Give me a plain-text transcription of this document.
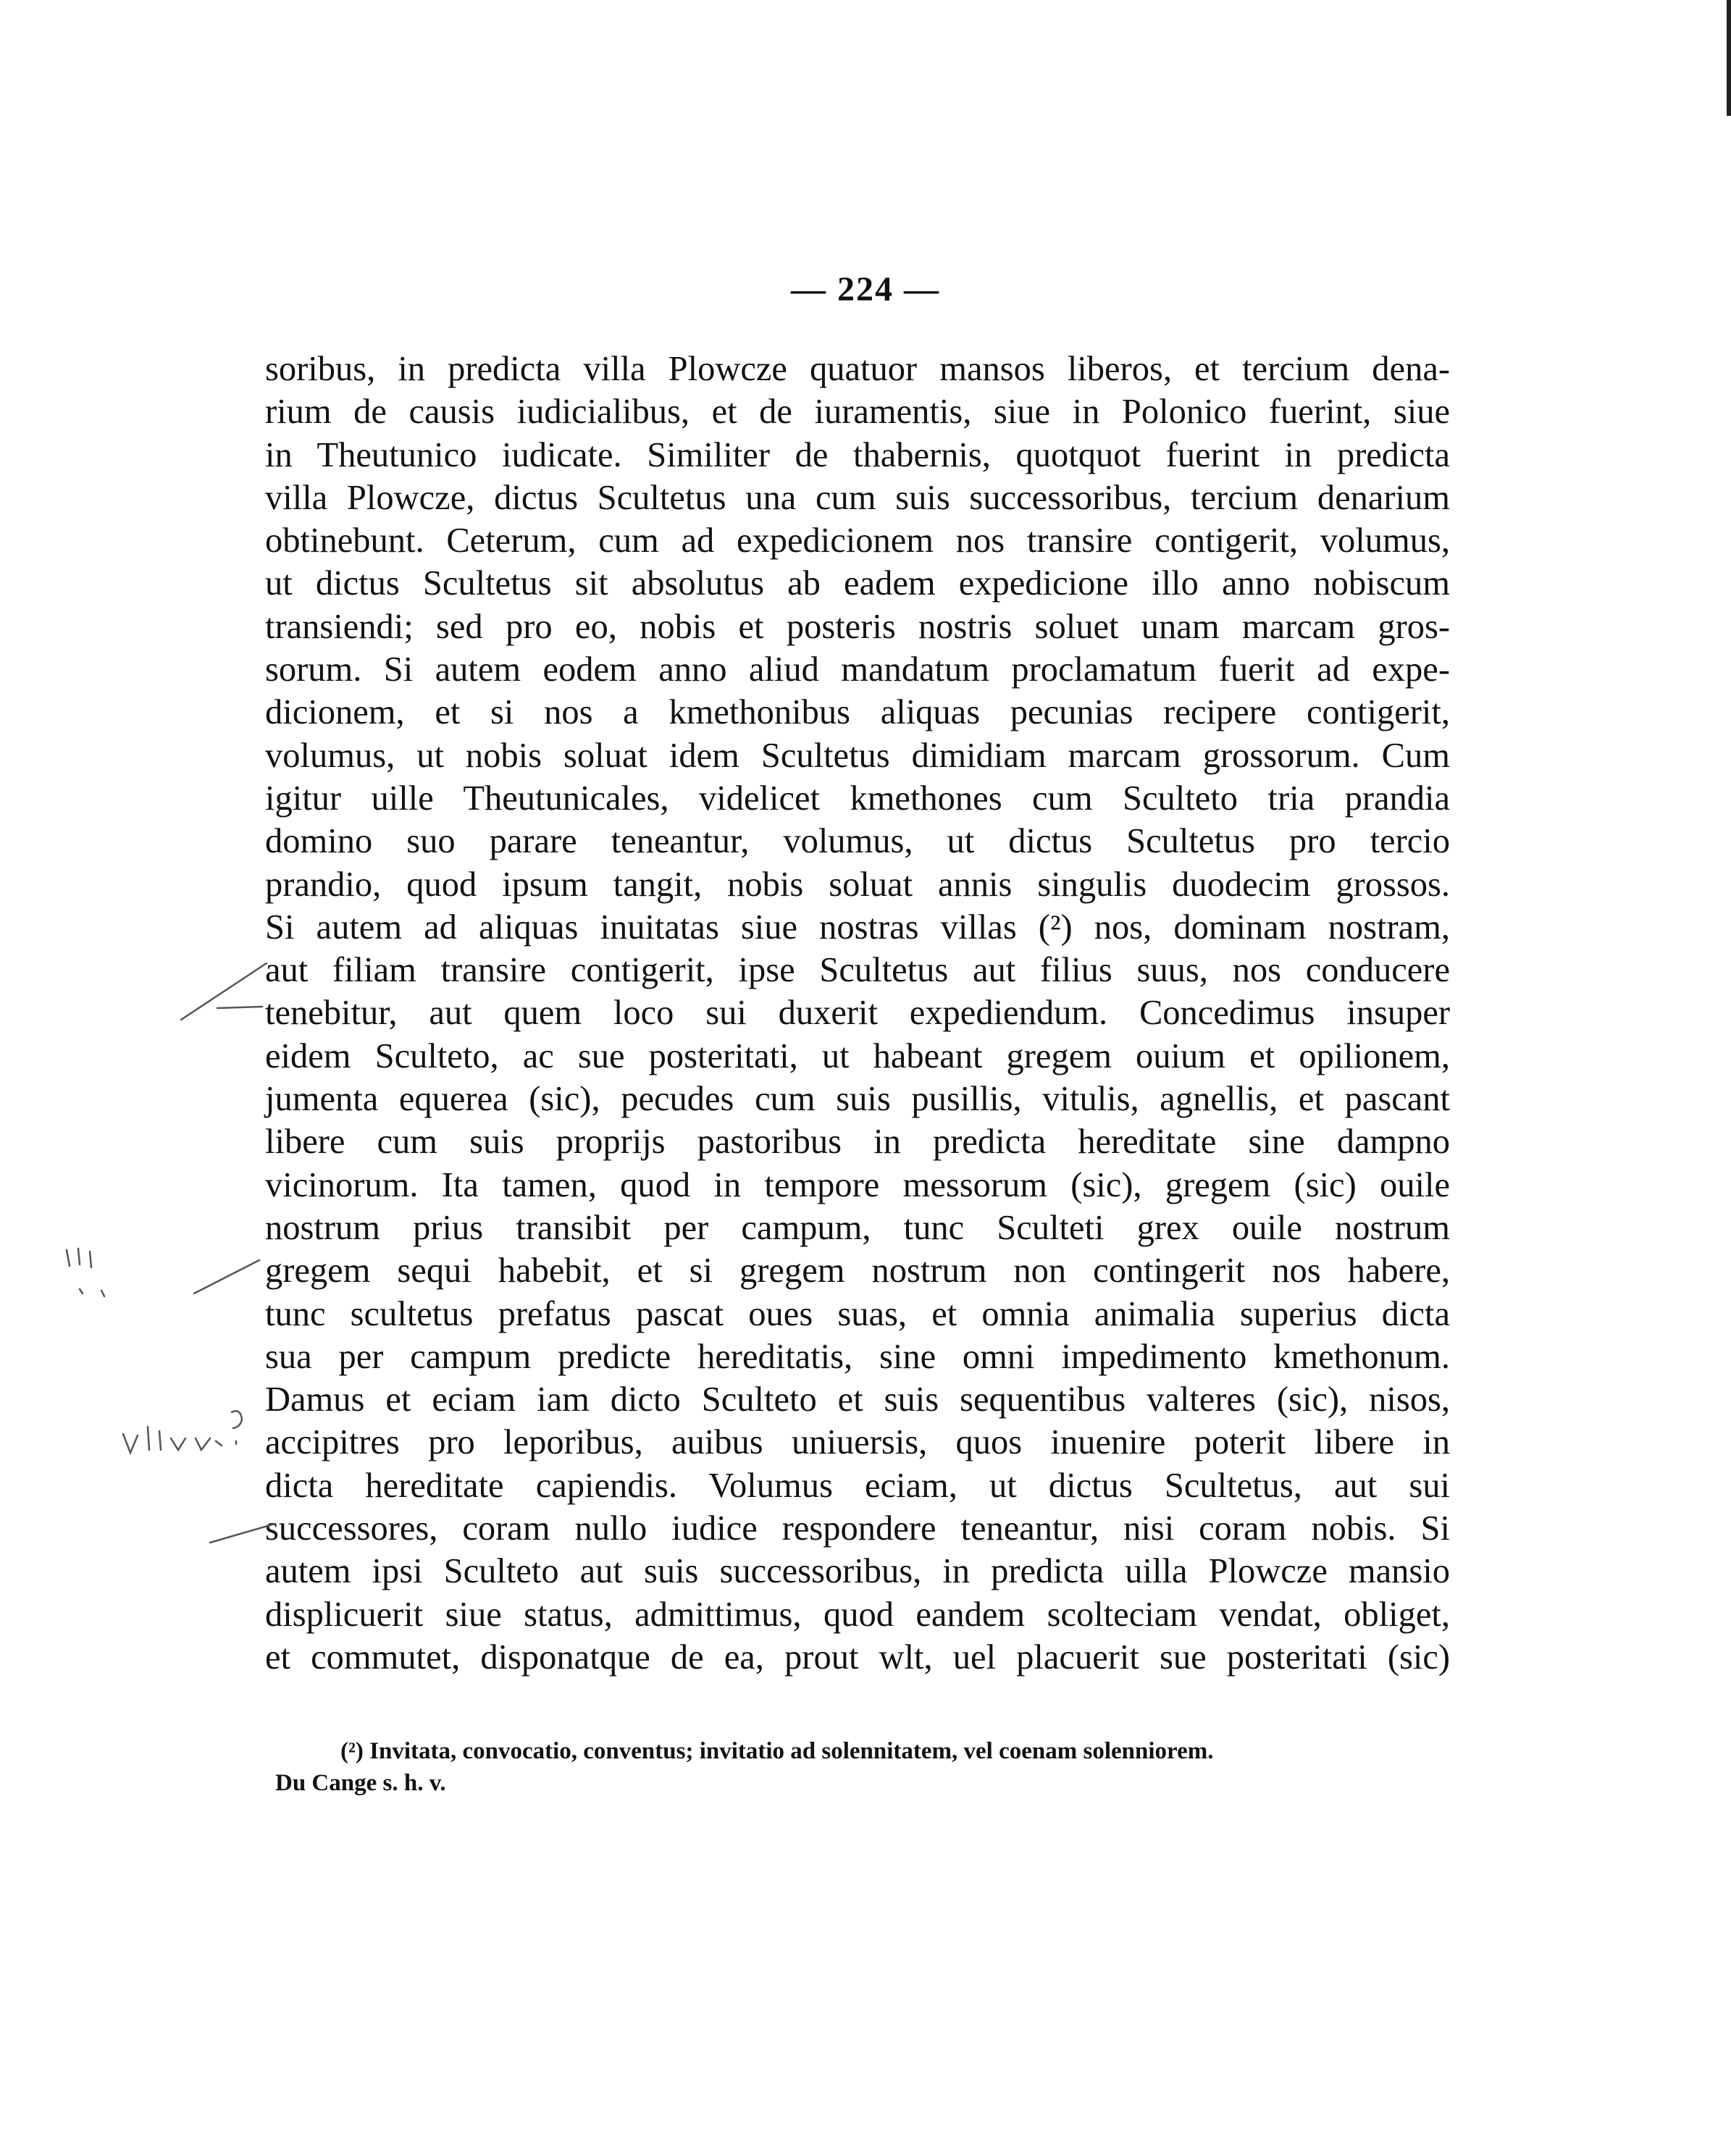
— 224 —
soribus, in predicta villa Plowcze quatuor mansos liberos, et tercium dena-
rium de causis iudicialibus, et de iuramentis, siue in Polonico fuerint, siue
in Theutunico iudicate. Similiter de thabernis, quotquot fuerint in predicta
villa Plowcze, dictus Scultetus una cum suis successoribus, tercium denarium
obtinebunt. Ceterum, cum ad expedicionem nos transire contigerit, volumus,
ut dictus Scultetus sit absolutus ab eadem expedicione illo anno nobiscum
transiendi; sed pro eo, nobis et posteris nostris soluet unam marcam gros-
sorum. Si autem eodem anno aliud mandatum proclamatum fuerit ad expe-
dicionem, et si nos a kmethonibus aliquas pecunias recipere contigerit,
volumus, ut nobis soluat idem Scultetus dimidiam marcam grossorum. Cum
igitur uille Theutunicales, videlicet kmethones cum Sculteto tria prandia
domino suo parare teneantur, volumus, ut dictus Scultetus pro tercio
prandio, quod ipsum tangit, nobis soluat annis singulis duodecim grossos.
Si autem ad aliquas inuitatas siue nostras villas (²) nos, dominam nostram,
aut filiam transire contigerit, ipse Scultetus aut filius suus, nos conducere
tenebitur, aut quem loco sui duxerit expediendum. Concedimus insuper
eidem Sculteto, ac sue posteritati, ut habeant gregem ouium et opilionem,
jumenta equerea (sic), pecudes cum suis pusillis, vitulis, agnellis, et pascant
libere cum suis proprijs pastoribus in predicta hereditate sine dampno
vicinorum. Ita tamen, quod in tempore messorum (sic), gregem (sic) ouile
nostrum prius transibit per campum, tunc Sculteti grex ouile nostrum
gregem sequi habebit, et si gregem nostrum non contingerit nos habere,
tunc scultetus prefatus pascat oues suas, et omnia animalia superius dicta
sua per campum predicte hereditatis, sine omni impedimento kmethonum.
Damus et eciam iam dicto Sculteto et suis sequentibus valteres (sic), nisos,
accipitres pro leporibus, auibus uniuersis, quos inuenire poterit libere in
dicta hereditate capiendis. Volumus eciam, ut dictus Scultetus, aut sui
successores, coram nullo iudice respondere teneantur, nisi coram nobis. Si
autem ipsi Sculteto aut suis successoribus, in predicta uilla Plowcze mansio
displicuerit siue status, admittimus, quod eandem scolteciam vendat, obliget,
et commutet, disponatque de ea, prout wlt, uel placuerit sue posteritati (sic)
(²) Invitata, convocatio, conventus; invitatio ad solennitatem, vel coenam solenniorem.
Du Cange s. h. v.
